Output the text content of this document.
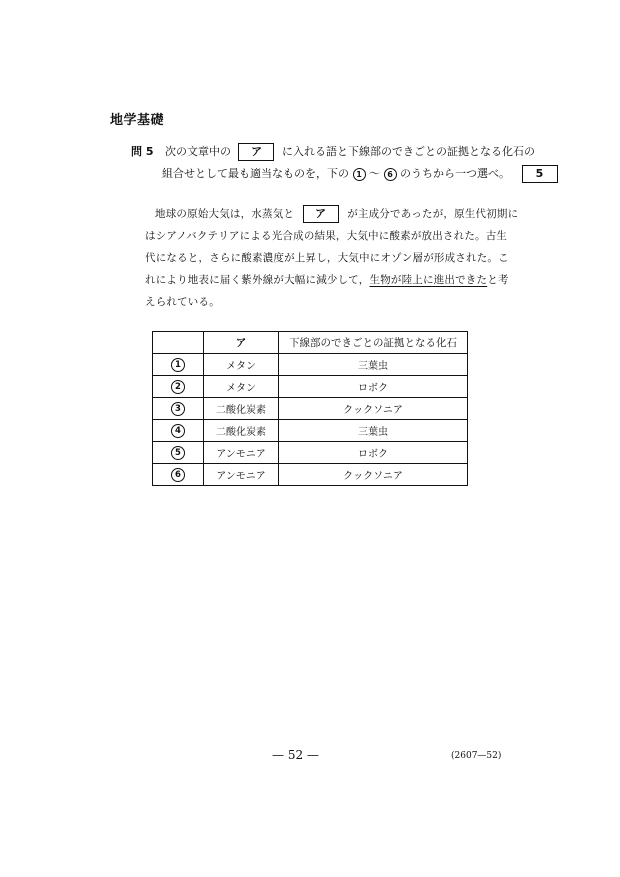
地学基礎
問 5 次の文章中の ア に入れる語と下線部のできごとの証拠となる化石の
組合せとして最も適当なものを，下の 1 ～ 6 のうちから一つ選べ。 5
地球の原始大気は，水蒸気と ア が主成分であったが，原生代初期に
はシアノバクテリアによる光合成の結果，大気中に酸素が放出された。古生
代になると，さらに酸素濃度が上昇し，大気中にオゾン層が形成された。こ
れにより地表に届く紫外線が大幅に減少して，生物が陸上に進出できたと考
えられている。
	ア	下線部のできごとの証拠となる化石
1	メタン	三葉虫
2	メタン	ロボク
3	二酸化炭素	クックソニア
4	二酸化炭素	三葉虫
5	アンモニア	ロボク
6	アンモニア	クックソニア
— 52 —	(2607—52)
